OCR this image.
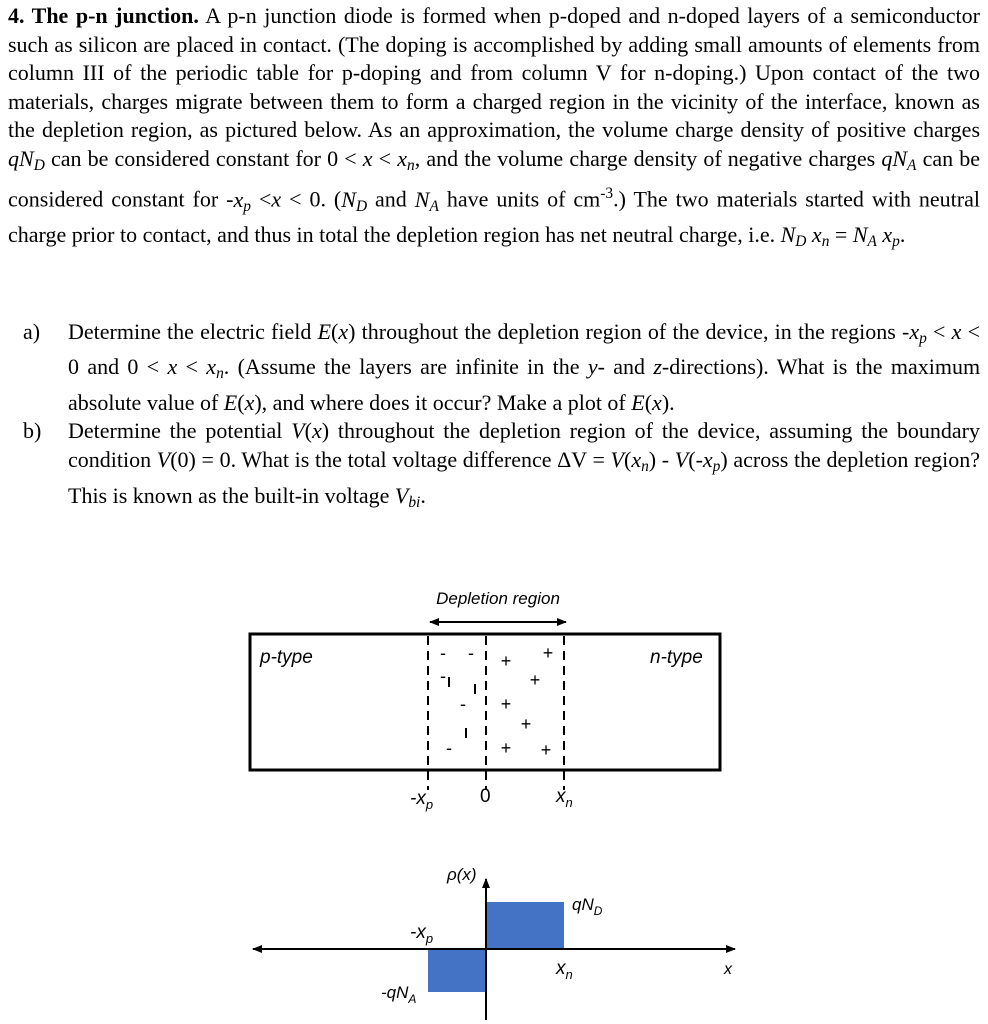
4. The p-n junction. A p-n junction diode is formed when p-doped and n-doped layers of a semiconductor such as silicon are placed in contact. (The doping is accomplished by adding small amounts of elements from column III of the periodic table for p-doping and from column V for n-doping.) Upon contact of the two materials, charges migrate between them to form a charged region in the vicinity of the interface, known as the depletion region, as pictured below. As an approximation, the volume charge density of positive charges $qN_D$ can be considered constant for $0 < x < x_n$, and the volume charge density of negative charges $qN_A$ can be considered constant for $-x_p <x < 0$. ($N_D$ and $N_A$ have units of $cm^{-3}$.) The two materials started with neutral charge prior to contact, and thus in total the depletion region has net neutral charge, i.e. $N_D$ $x_n = N_A$ $x_p$.
a) Determine the electric field E(x) throughout the depletion region of the device, in the regions $-x_p < x < 0$ and $0 < x < x_n$. (Assume the layers are infinite in the y- and z-directions). What is the maximum absolute value of E(x), and where does it occur? Make a plot of E(x).
b) Determine the potential V(x) throughout the depletion region of the device, assuming the boundary condition V(0) = 0. What is the total voltage difference $\Delta V = V(x_n) - V(-x_p)$ across the depletion region? This is known as the built-in voltage $V_{bi}$.
Depletion region
p-type	n-type
- -
-
-
-
+ +
+
+
+
+ +
$-x_p$ 0	$x_n$
ρ(x)
$qN_D$
$-x_p$
$x_n$
$-qN_A$
x
